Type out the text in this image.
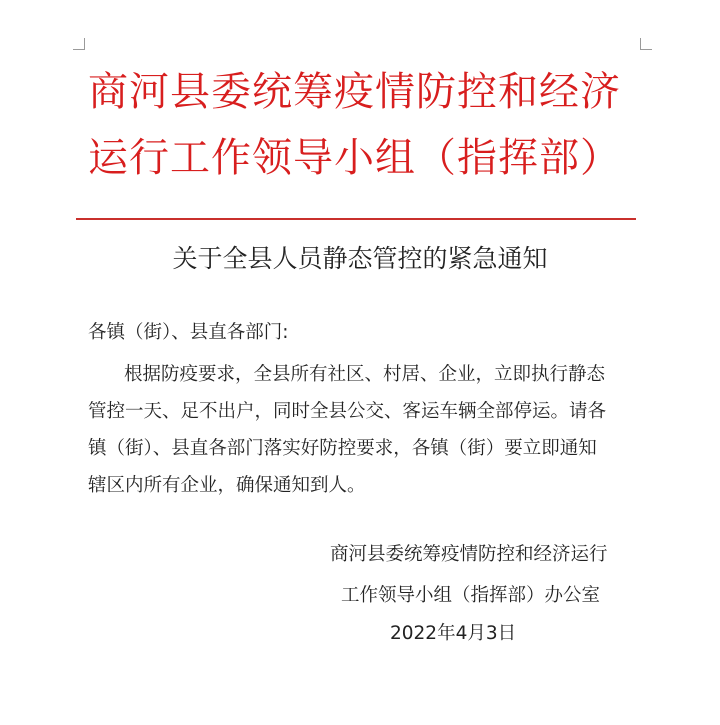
商河县委统筹疫情防控和经济
运行工作领导小组（指挥部）
关于全县人员静态管控的紧急通知
各镇（街）、县直各部门:
根据防疫要求，全县所有社区、村居、企业，立即执行静态
管控一天、足不出户，同时全县公交、客运车辆全部停运。请各
镇（街）、县直各部门落实好防控要求，各镇（街）要立即通知
辖区内所有企业，确保通知到人。
商河县委统筹疫情防控和经济运行
工作领导小组（指挥部）办公室
2022年4月3日
